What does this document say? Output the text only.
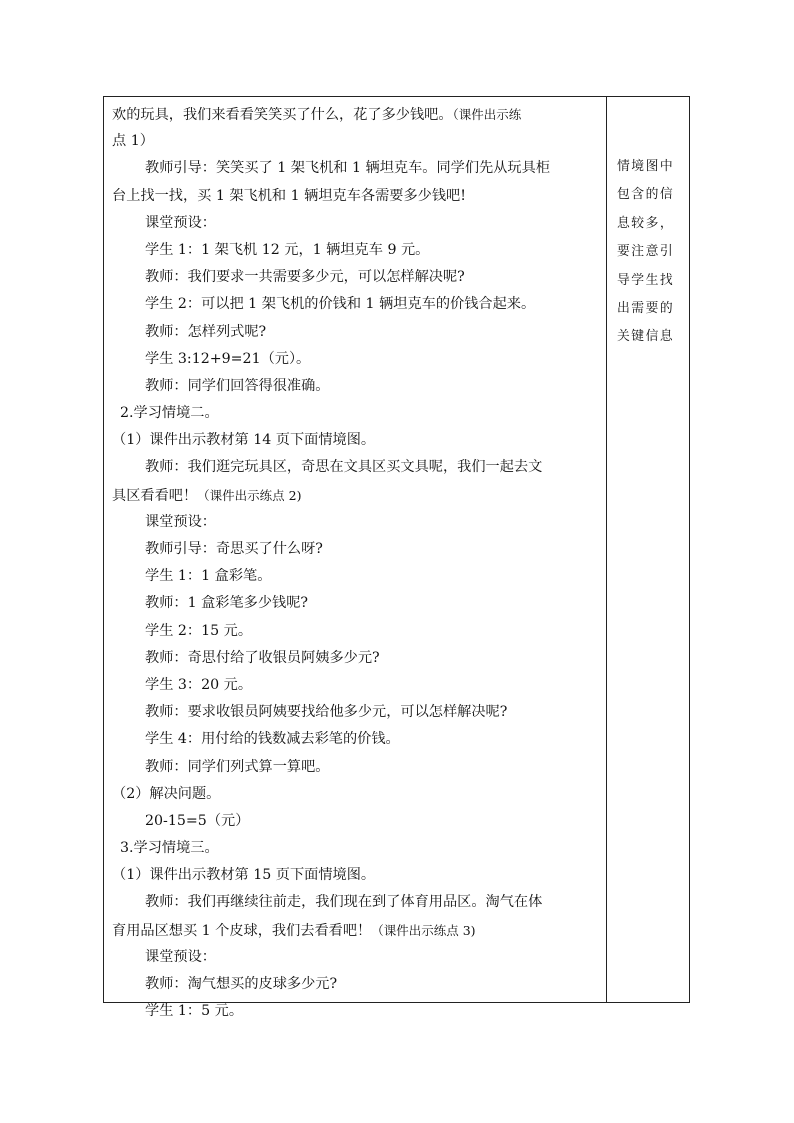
欢的玩具，我们来看看笑笑买了什么，花了多少钱吧。（课件出示练
点 1）
教师引导：笑笑买了 1 架飞机和 1 辆坦克车。同学们先从玩具柜
台上找一找，买 1 架飞机和 1 辆坦克车各需要多少钱吧!
课堂预设：
学生 1：1 架飞机 12 元，1 辆坦克车 9 元。
教师：我们要求一共需要多少元，可以怎样解决呢?
学生 2：可以把 1 架飞机的价钱和 1 辆坦克车的价钱合起来。
教师：怎样列式呢?
学生 3:12+9=21（元）。
教师：同学们回答得很准确。
2.学习情境二。
（1）课件出示教材第 14 页下面情境图。
教师：我们逛完玩具区，奇思在文具区买文具呢，我们一起去文
具区看看吧！（课件出示练点 2)
课堂预设：
教师引导：奇思买了什么呀?
学生 1：1 盒彩笔。
教师：1 盒彩笔多少钱呢?
学生 2：15 元。
教师：奇思付给了收银员阿姨多少元?
学生 3：20 元。
教师：要求收银员阿姨要找给他多少元，可以怎样解决呢?
学生 4：用付给的钱数减去彩笔的价钱。
教师：同学们列式算一算吧。
（2）解决问题。
20-15=5（元）
3.学习情境三。
（1）课件出示教材第 15 页下面情境图。
教师：我们再继续往前走，我们现在到了体育用品区。淘气在体
育用品区想买 1 个皮球，我们去看看吧！（课件出示练点 3)
课堂预设：
教师：淘气想买的皮球多少元?
学生 1：5 元。
情境图中
包含的信
息较多，
要注意引
导学生找
出需要的
关键信息
